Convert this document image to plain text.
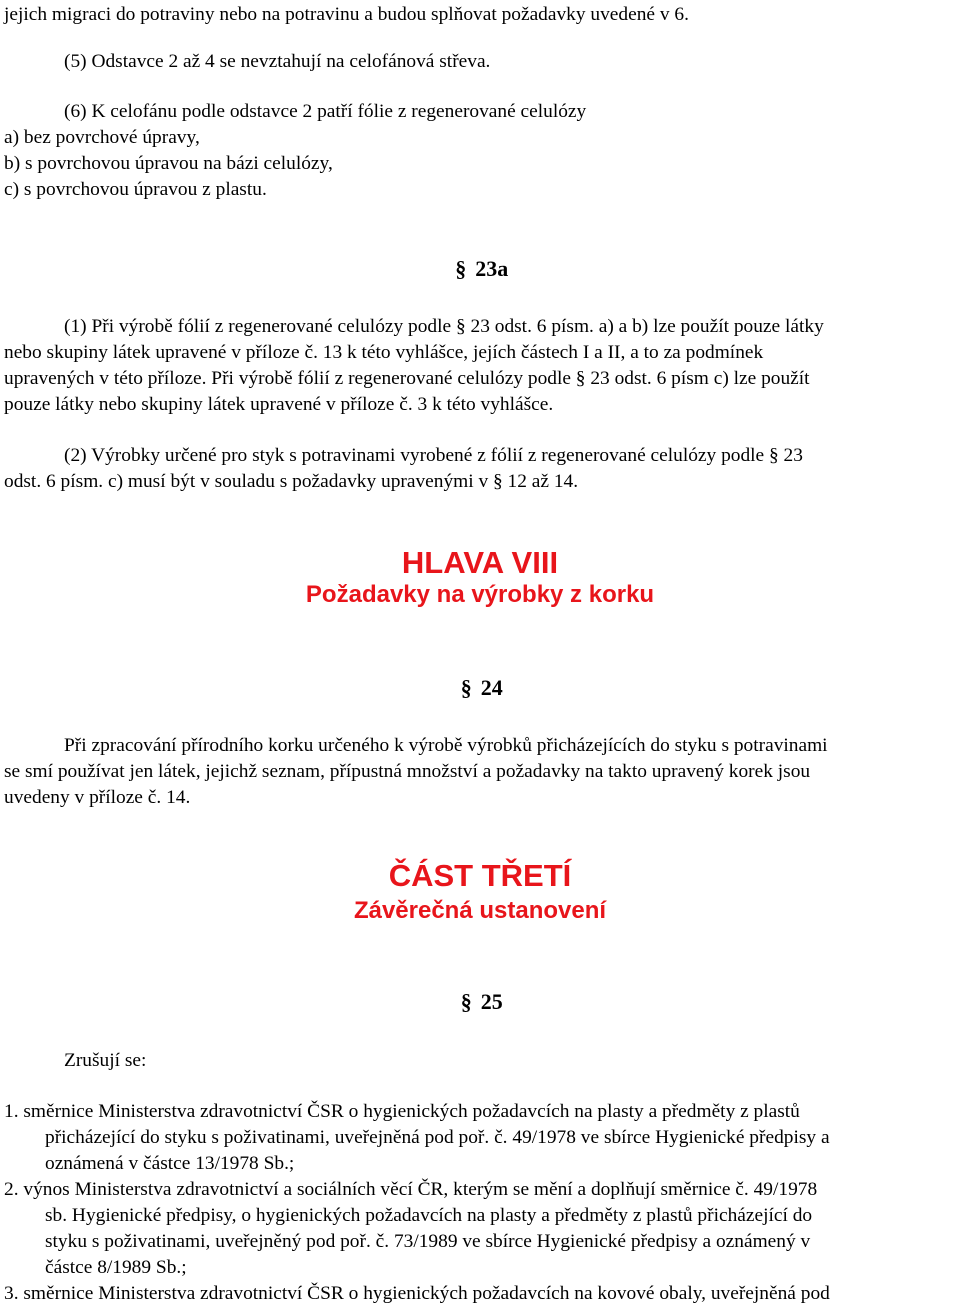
jejich migraci do potraviny nebo na potravinu a budou splňovat požadavky uvedené v 6.
(5) Odstavce 2 až 4 se nevztahují na celofánová střeva.
(6) K celofánu podle odstavce 2 patří fólie z regenerované celulózy
a) bez povrchové úpravy,
b) s povrchovou úpravou na bázi celulózy,
c) s povrchovou úpravou z plastu.
§ 23a
(1) Při výrobě fólií z regenerované celulózy podle § 23 odst. 6 písm. a) a b) lze použít pouze látky
nebo skupiny látek upravené v příloze č. 13 k této vyhlášce, jejích částech I a II, a to za podmínek
upravených v této příloze. Při výrobě fólií z regenerované celulózy podle § 23 odst. 6 písm c) lze použít
pouze látky nebo skupiny látek upravené v příloze č. 3 k této vyhlášce.
(2) Výrobky určené pro styk s potravinami vyrobené z fólií z regenerované celulózy podle § 23
odst. 6 písm. c) musí být v souladu s požadavky upravenými v § 12 až 14.
HLAVA VIII
Požadavky na výrobky z korku
§ 24
Při zpracování přírodního korku určeného k výrobě výrobků přicházejících do styku s potravinami
se smí používat jen látek, jejichž seznam, přípustná množství a požadavky na takto upravený korek jsou
uvedeny v příloze č. 14.
ČÁST TŘETÍ
Závěrečná ustanovení
§ 25
Zrušují se:
1. směrnice Ministerstva zdravotnictví ČSR o hygienických požadavcích na plasty a předměty z plastů
přicházející do styku s poživatinami, uveřejněná pod poř. č. 49/1978 ve sbírce Hygienické předpisy a
oznámená v částce 13/1978 Sb.;
2. výnos Ministerstva zdravotnictví a sociálních věcí ČR, kterým se mění a doplňují směrnice č. 49/1978
sb. Hygienické předpisy, o hygienických požadavcích na plasty a předměty z plastů přicházející do
styku s poživatinami, uveřejněný pod poř. č. 73/1989 ve sbírce Hygienické předpisy a oznámený v
částce 8/1989 Sb.;
3. směrnice Ministerstva zdravotnictví ČSR o hygienických požadavcích na kovové obaly, uveřejněná pod
